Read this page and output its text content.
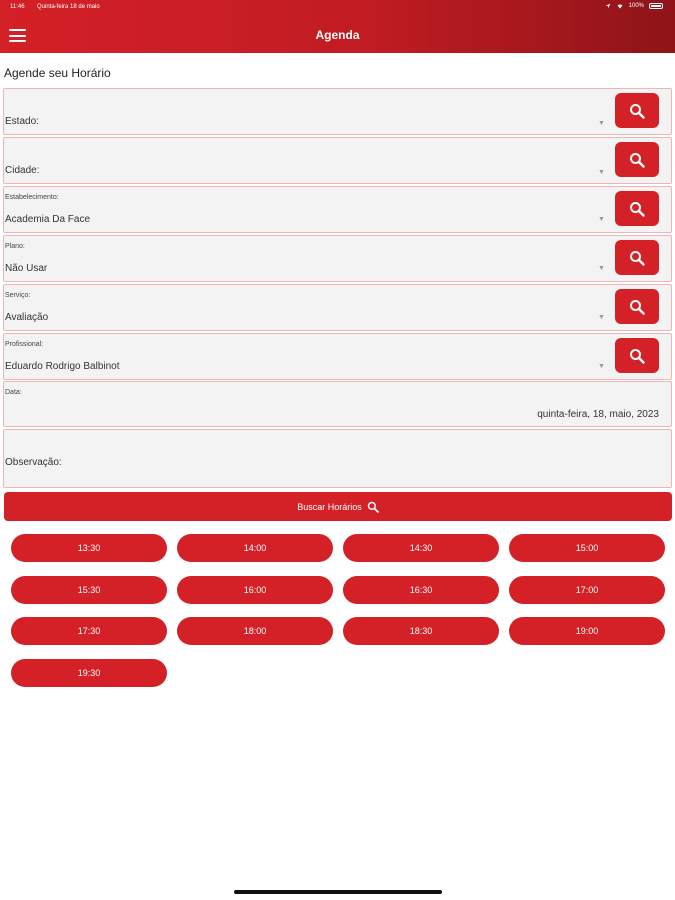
11:46 Quinta-feira 18 de maio	100%
Agenda
Agende seu Horário
Estado:	▼
Cidade:	▼
Estabelecimento:
Academia Da Face	▼
Plano:
Não Usar	▼
Serviço:
Avaliação	▼
Profissional:
Eduardo Rodrigo Balbinot	▼
Data:
quinta-feira, 18, maio, 2023
Observação:
Buscar Horários
13:30	14:00	14:30	15:00
15:30	16:00	16:30	17:00
17:30	18:00	18:30	19:00
19:30
